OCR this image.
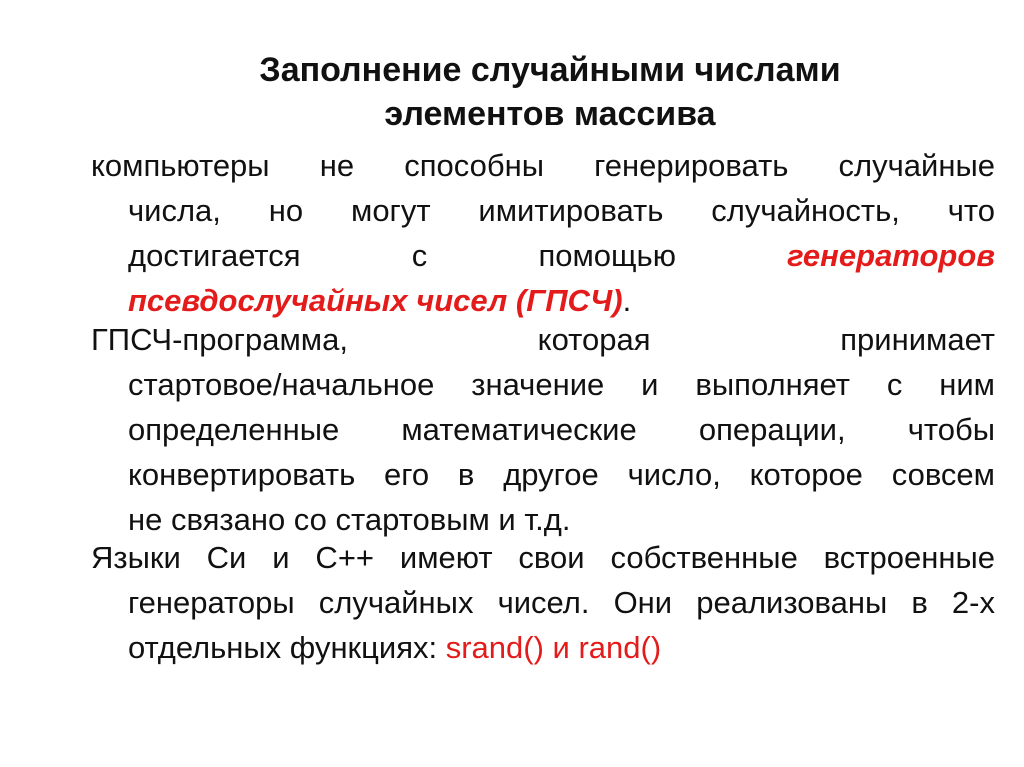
Заполнение случайными числами
элементов массива
компьютеры не способны генерировать случайные
числа, но могут имитировать случайность, что
достигается с помощью	генераторов
псевдослучайных чисел (ГПСЧ).
ГПСЧ-программа, которая принимает
стартовое/начальное значение и выполняет с ним
определенные математические операции, чтобы
конвертировать его в другое число, которое совсем
не связано со стартовым и т.д.
Языки Си и С++ имеют свои собственные встроенные
генераторы случайных чисел. Они реализованы в 2-х
отдельных функциях: srand() и rand()
